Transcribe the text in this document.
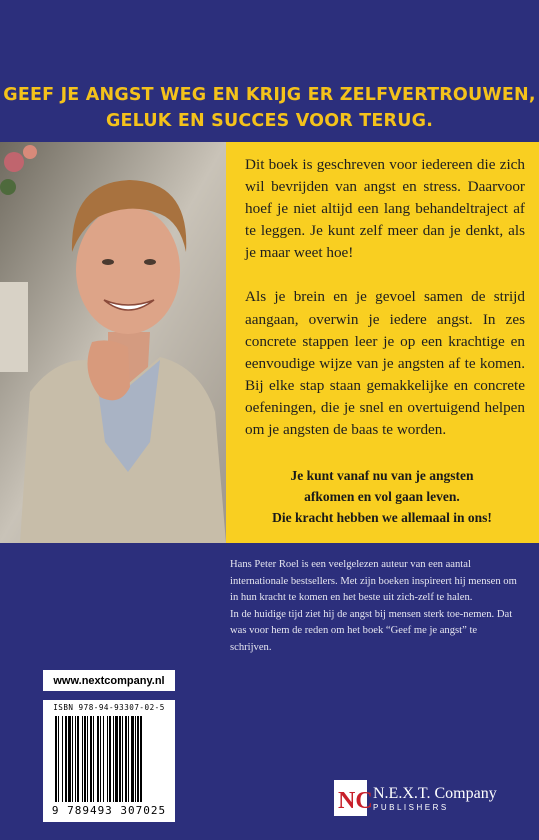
GEEF JE ANGST WEG EN KRIJG ER ZELFVERTROUWEN,
GELUK EN SUCCES VOOR TERUG.

Dit boek is geschreven voor iedereen die zich wil bevrijden van angst en stress. Daarvoor hoef je niet altijd een lang behandeltraject af te leggen. Je kunt zelf meer dan je denkt, als je maar weet hoe!

Als je brein en je gevoel samen de strijd aangaan, overwin je iedere angst. In zes concrete stappen leer je op een krachtige en eenvoudige wijze van je angsten af te komen. Bij elke stap staan gemakkelijke en concrete oefeningen, die je snel en overtuigend helpen om je angsten de baas te worden.

Je kunt vanaf nu van je angsten
afkomen en vol gaan leven.
Die kracht hebben we allemaal in ons!

Hans Peter Roel is een veelgelezen auteur van een aantal internationale bestsellers. Met zijn boeken inspireert hij mensen om in hun kracht te komen en het beste uit zich-zelf te halen.

In de huidige tijd ziet hij de angst bij mensen sterk toe-nemen. Dat was voor hem de reden om het boek “Geef me je angst” te schrijven.

www.nextcompany.nl
ISBN 978-94-93307-02-5
9 789493 307025	NC N.E.X.T. Company
PUBLISHERS
